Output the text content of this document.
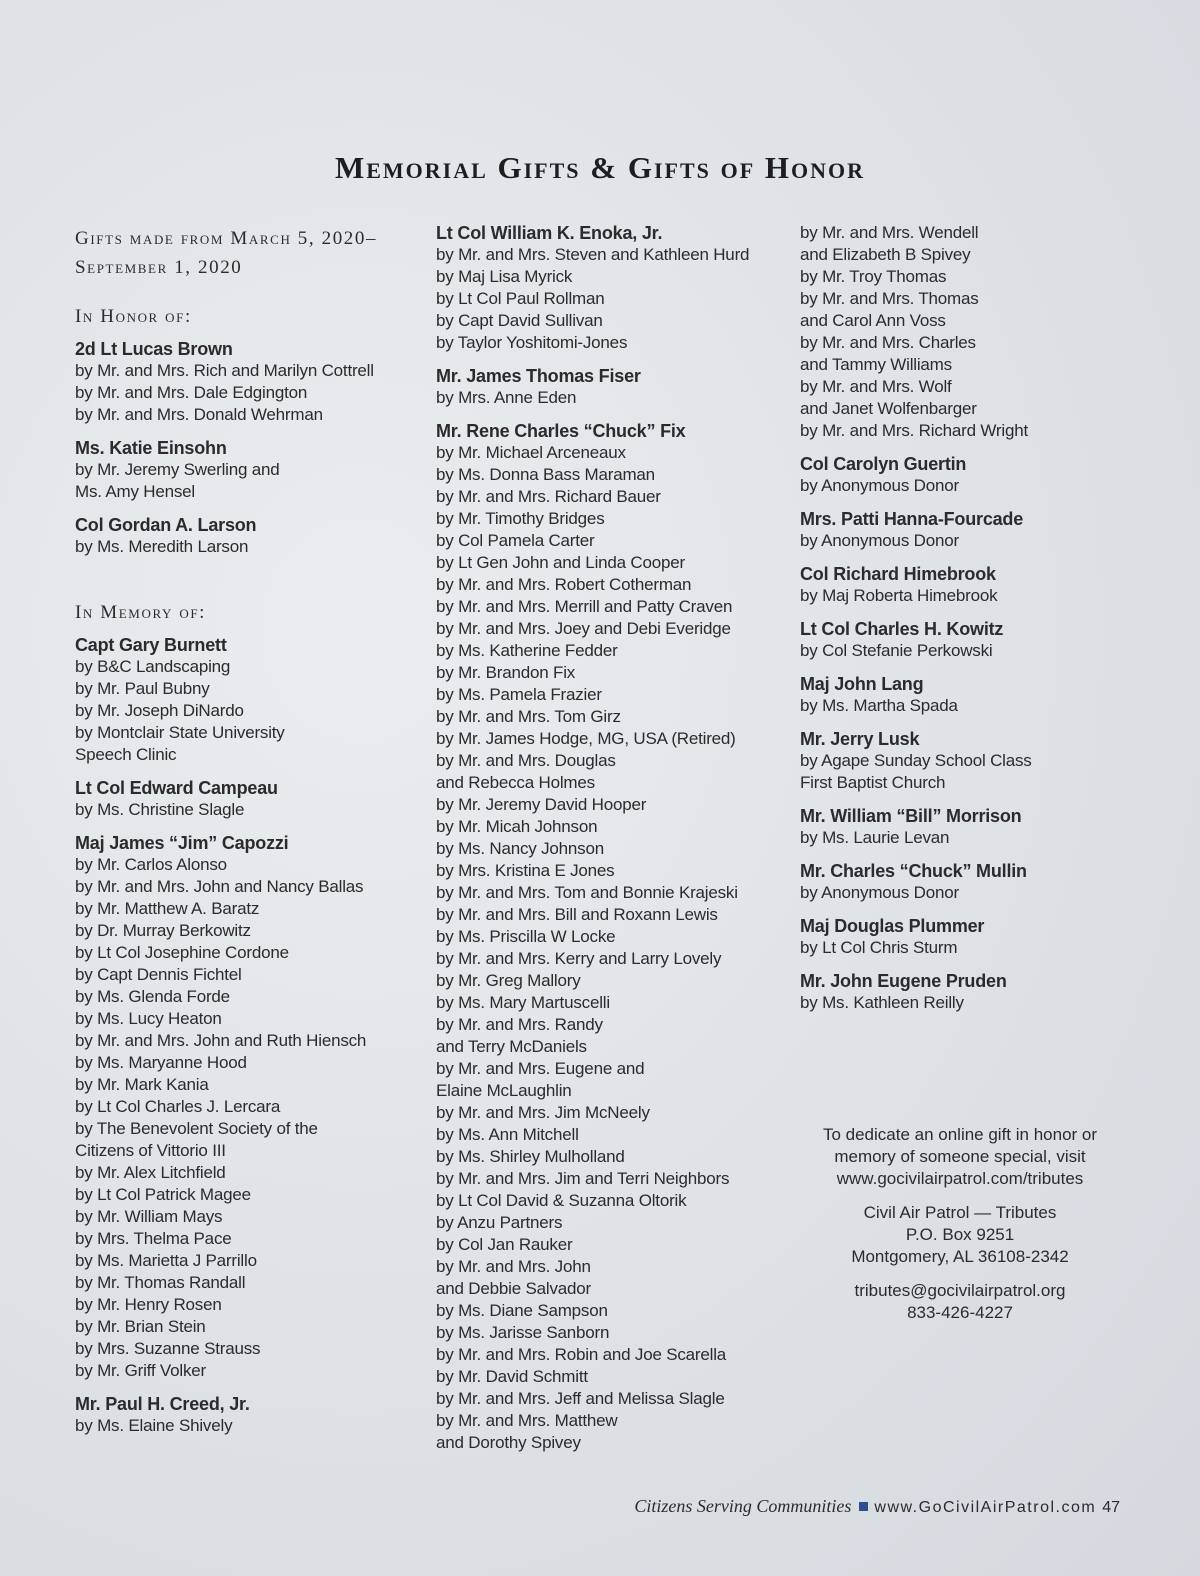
Memorial Gifts & Gifts of Honor
Gifts made from March 5, 2020–September 1, 2020
In Honor of:
2d Lt Lucas Brown
by Mr. and Mrs. Rich and Marilyn Cottrell
by Mr. and Mrs. Dale Edgington
by Mr. and Mrs. Donald Wehrman
Ms. Katie Einsohn
by Mr. Jeremy Swerling and
Ms. Amy Hensel
Col Gordan A. Larson
by Ms. Meredith Larson
In Memory of:
Capt Gary Burnett
by B&C Landscaping
by Mr. Paul Bubny
by Mr. Joseph DiNardo
by Montclair State University
Speech Clinic
Lt Col Edward Campeau
by Ms. Christine Slagle
Maj James “Jim” Capozzi
by Mr. Carlos Alonso
by Mr. and Mrs. John and Nancy Ballas
by Mr. Matthew A. Baratz
by Dr. Murray Berkowitz
by Lt Col Josephine Cordone
by Capt Dennis Fichtel
by Ms. Glenda Forde
by Ms. Lucy Heaton
by Mr. and Mrs. John and Ruth Hiensch
by Ms. Maryanne Hood
by Mr. Mark Kania
by Lt Col Charles J. Lercara
by The Benevolent Society of the
Citizens of Vittorio III
by Mr. Alex Litchfield
by Lt Col Patrick Magee
by Mr. William Mays
by Mrs. Thelma Pace
by Ms. Marietta J Parrillo
by Mr. Thomas Randall
by Mr. Henry Rosen
by Mr. Brian Stein
by Mrs. Suzanne Strauss
by Mr. Griff Volker
Mr. Paul H. Creed, Jr.
by Ms. Elaine Shively
Lt Col William K. Enoka, Jr.
by Mr. and Mrs. Steven and Kathleen Hurd
by Maj Lisa Myrick
by Lt Col Paul Rollman
by Capt David Sullivan
by Taylor Yoshitomi-Jones
Mr. James Thomas Fiser
by Mrs. Anne Eden
Mr. Rene Charles “Chuck” Fix
by Mr. Michael Arceneaux
by Ms. Donna Bass Maraman
by Mr. and Mrs. Richard Bauer
by Mr. Timothy Bridges
by Col Pamela Carter
by Lt Gen John and Linda Cooper
by Mr. and Mrs. Robert Cotherman
by Mr. and Mrs. Merrill and Patty Craven
by Mr. and Mrs. Joey and Debi Everidge
by Ms. Katherine Fedder
by Mr. Brandon Fix
by Ms. Pamela Frazier
by Mr. and Mrs. Tom Girz
by Mr. James Hodge, MG, USA (Retired)
by Mr. and Mrs. Douglas
and Rebecca Holmes
by Mr. Jeremy David Hooper
by Mr. Micah Johnson
by Ms. Nancy Johnson
by Mrs. Kristina E Jones
by Mr. and Mrs. Tom and Bonnie Krajeski
by Mr. and Mrs. Bill and Roxann Lewis
by Ms. Priscilla W Locke
by Mr. and Mrs. Kerry and Larry Lovely
by Mr. Greg Mallory
by Ms. Mary Martuscelli
by Mr. and Mrs. Randy
and Terry McDaniels
by Mr. and Mrs. Eugene and
Elaine McLaughlin
by Mr. and Mrs. Jim McNeely
by Ms. Ann Mitchell
by Ms. Shirley Mulholland
by Mr. and Mrs. Jim and Terri Neighbors
by Lt Col David & Suzanna Oltorik
by Anzu Partners
by Col Jan Rauker
by Mr. and Mrs. John
and Debbie Salvador
by Ms. Diane Sampson
by Ms. Jarisse Sanborn
by Mr. and Mrs. Robin and Joe Scarella
by Mr. David Schmitt
by Mr. and Mrs. Jeff and Melissa Slagle
by Mr. and Mrs. Matthew
and Dorothy Spivey
by Mr. and Mrs. Wendell
and Elizabeth B Spivey
by Mr. Troy Thomas
by Mr. and Mrs. Thomas
and Carol Ann Voss
by Mr. and Mrs. Charles
and Tammy Williams
by Mr. and Mrs. Wolf
and Janet Wolfenbarger
by Mr. and Mrs. Richard Wright
Col Carolyn Guertin
by Anonymous Donor
Mrs. Patti Hanna-Fourcade
by Anonymous Donor
Col Richard Himebrook
by Maj Roberta Himebrook
Lt Col Charles H. Kowitz
by Col Stefanie Perkowski
Maj John Lang
by Ms. Martha Spada
Mr. Jerry Lusk
by Agape Sunday School Class
First Baptist Church
Mr. William “Bill” Morrison
by Ms. Laurie Levan
Mr. Charles “Chuck” Mullin
by Anonymous Donor
Maj Douglas Plummer
by Lt Col Chris Sturm
Mr. John Eugene Pruden
by Ms. Kathleen Reilly
To dedicate an online gift in honor or
memory of someone special, visit
www.gocivilairpatrol.com/tributes
Civil Air Patrol — Tributes
P.O. Box 9251
Montgomery, AL 36108-2342
tributes@gocivilairpatrol.org
833-426-4227
Citizens Serving Communities www.GoCivilAirPatrol.com 47
